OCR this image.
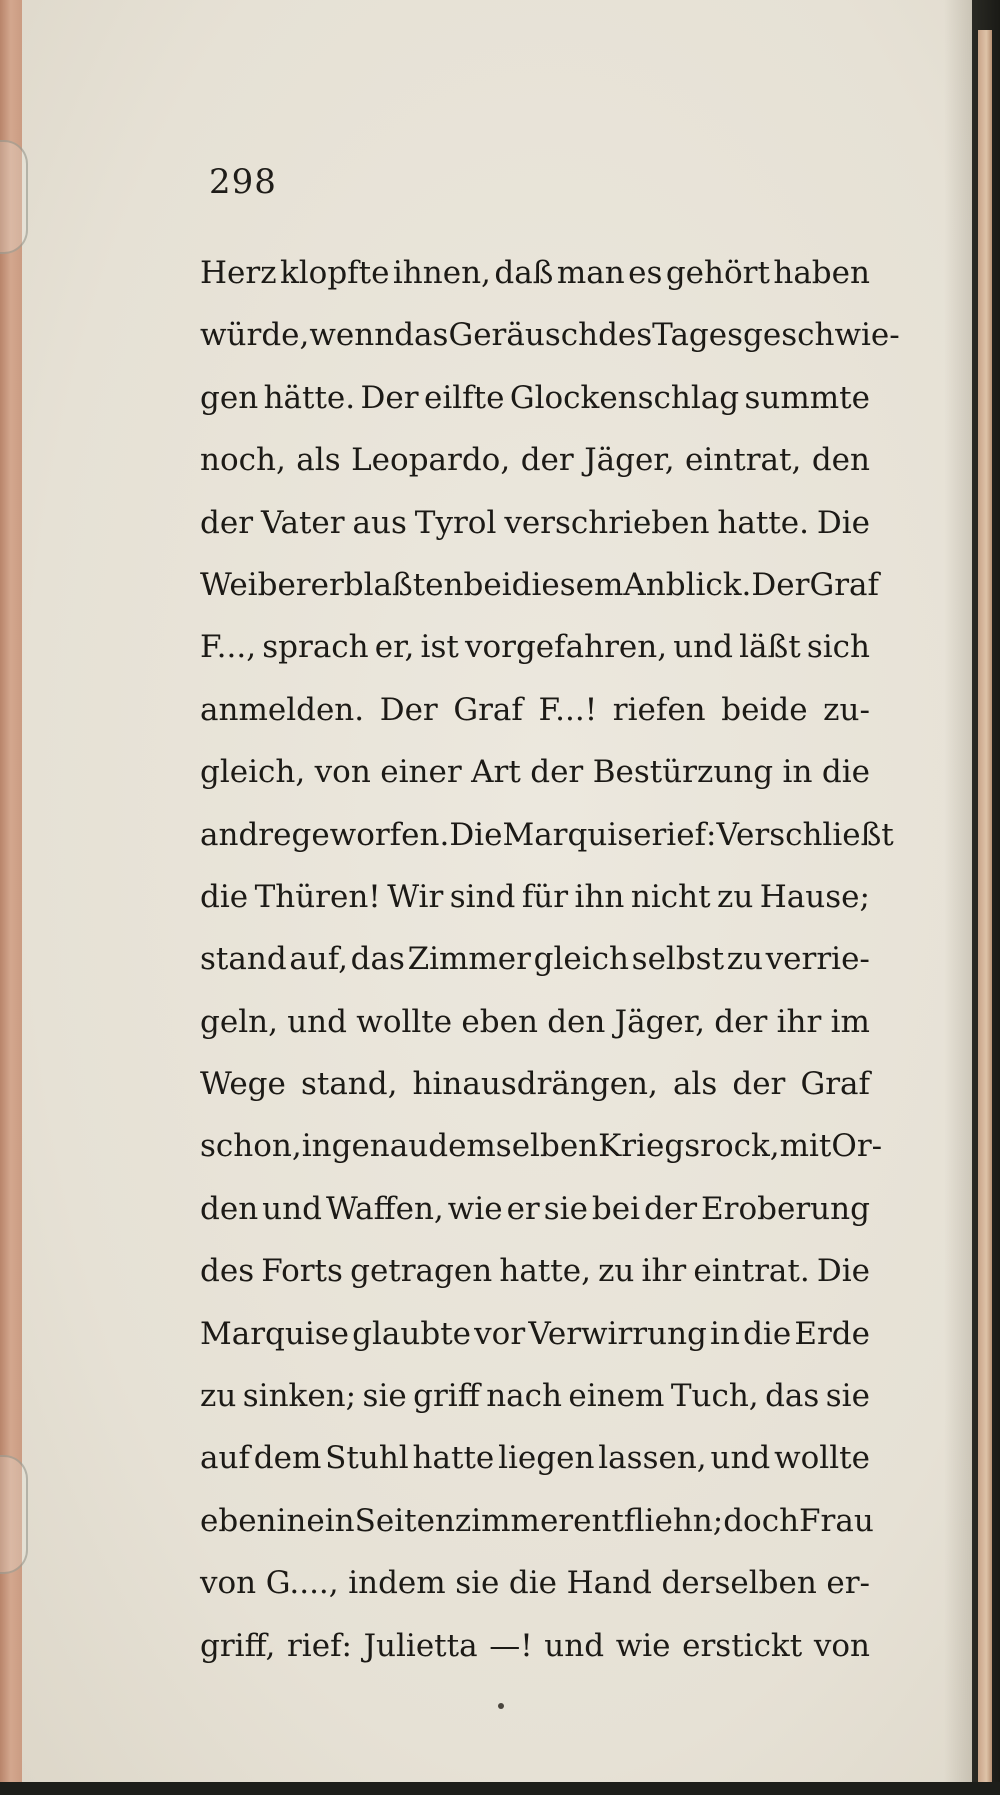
298
Herz klopfte ihnen, daß man es gehört haben
würde, wenn das Geräusch des Tages geschwie-
gen hätte. Der eilfte Glockenschlag summte
noch, als Leopardo, der Jäger, eintrat, den
der Vater aus Tyrol verschrieben hatte. Die
Weiber erblaßten bei diesem Anblick. Der Graf
F..., sprach er, ist vorgefahren, und läßt sich
anmelden. Der Graf F...! riefen beide zu-
gleich, von einer Art der Bestürzung in die
andre geworfen. Die Marquise rief: Verschließt
die Thüren! Wir sind für ihn nicht zu Hause;
stand auf, das Zimmer gleich selbst zu verrie-
geln, und wollte eben den Jäger, der ihr im
Wege stand, hinausdrängen, als der Graf
schon, in genau demselben Kriegsrock, mit Or-
den und Waffen, wie er sie bei der Eroberung
des Forts getragen hatte, zu ihr eintrat. Die
Marquise glaubte vor Verwirrung in die Erde
zu sinken; sie griff nach einem Tuch, das sie
auf dem Stuhl hatte liegen lassen, und wollte
eben in ein Seitenzimmer entfliehn; doch Frau
von G...., indem sie die Hand derselben er-
griff, rief: Julietta —! und wie erstickt von
